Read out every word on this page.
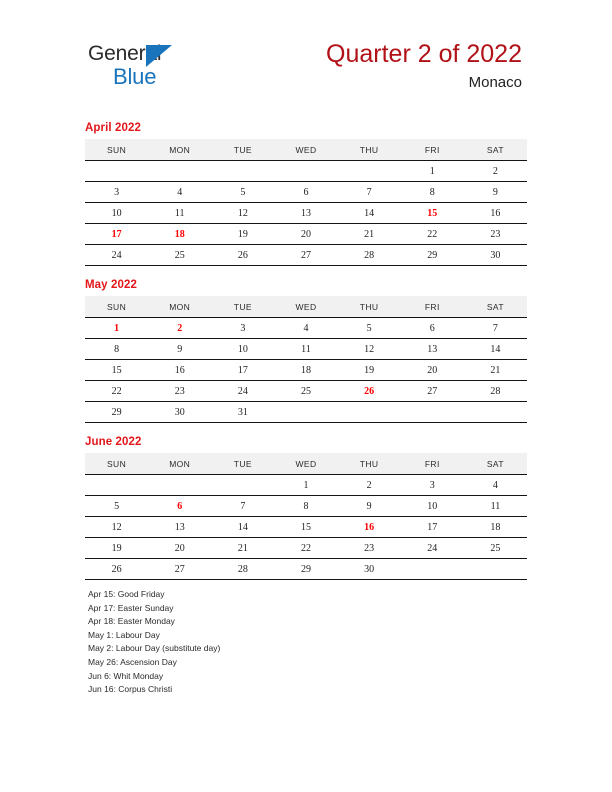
General
Blue
Quarter 2 of 2022
Monaco
April 2022
SUN	MON	TUE	WED	THU	FRI	SAT
					1	2
3	4	5	6	7	8	9
10	11	12	13	14	15	16
17	18	19	20	21	22	23
24	25	26	27	28	29	30
May 2022
SUN	MON	TUE	WED	THU	FRI	SAT
1	2	3	4	5	6	7
8	9	10	11	12	13	14
15	16	17	18	19	20	21
22	23	24	25	26	27	28
29	30	31				
June 2022
SUN	MON	TUE	WED	THU	FRI	SAT
			1	2	3	4
5	6	7	8	9	10	11
12	13	14	15	16	17	18
19	20	21	22	23	24	25
26	27	28	29	30		
Apr 15: Good Friday
Apr 17: Easter Sunday
Apr 18: Easter Monday
May 1: Labour Day
May 2: Labour Day (substitute day)
May 26: Ascension Day
Jun 6: Whit Monday
Jun 16: Corpus Christi
